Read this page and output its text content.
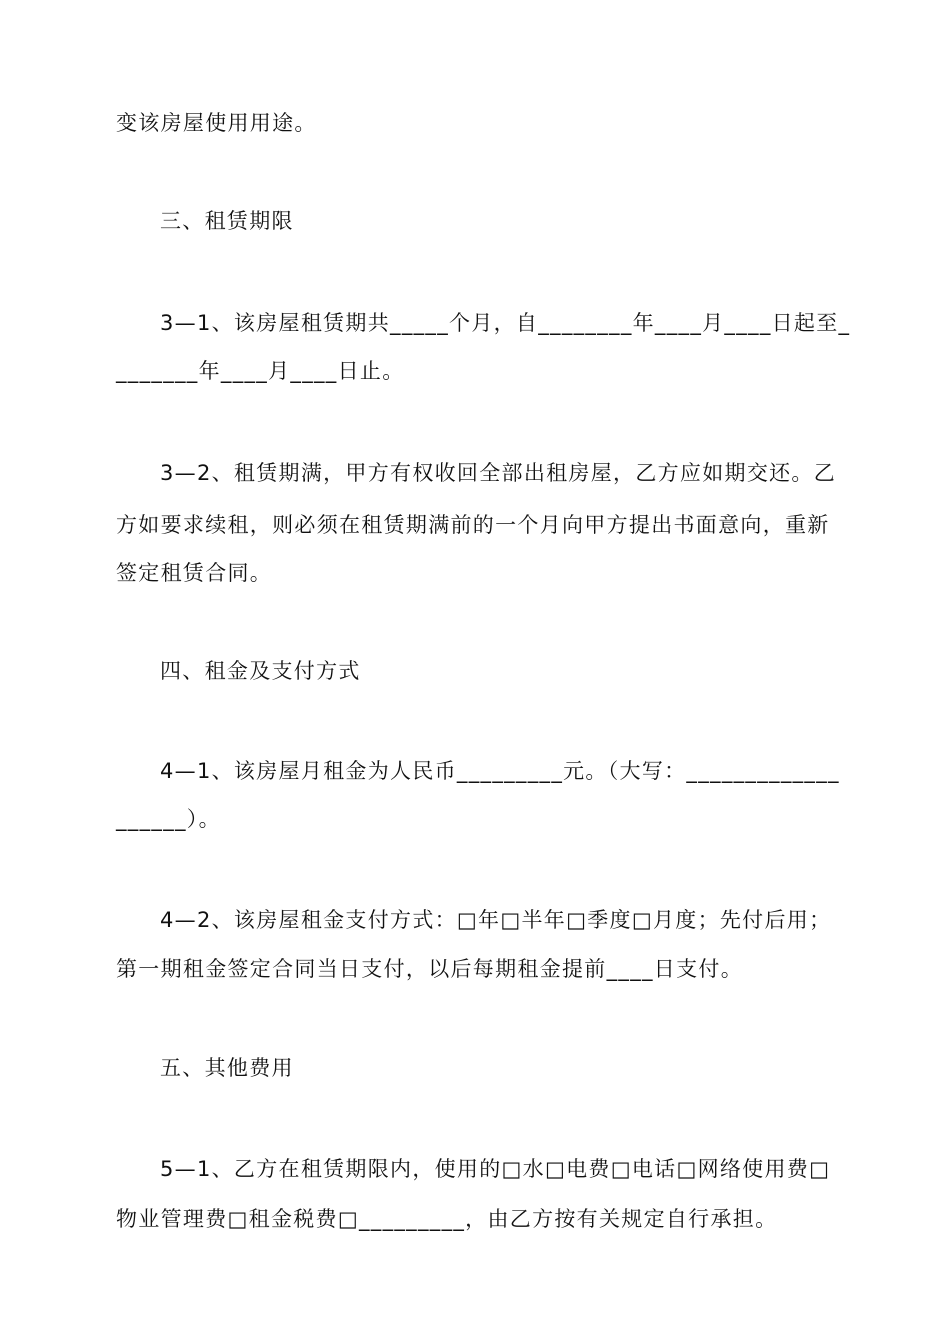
变该房屋使用用途。
三、租赁期限
3—1、该房屋租赁期共_____个月，自________年____月____日起至_
_______年____月____日止。
3—2、租赁期满，甲方有权收回全部出租房屋，乙方应如期交还。乙
方如要求续租，则必须在租赁期满前的一个月向甲方提出书面意向，重新
签定租赁合同。
四、租金及支付方式
4—1、该房屋月租金为人民币_________元。（大写：_____________
______）。
4—2、该房屋租金支付方式：□年□半年□季度□月度；先付后用；
第一期租金签定合同当日支付，以后每期租金提前____日支付。
五、其他费用
5—1、乙方在租赁期限内，使用的□水□电费□电话□网络使用费□
物业管理费□租金税费□_________，由乙方按有关规定自行承担。
